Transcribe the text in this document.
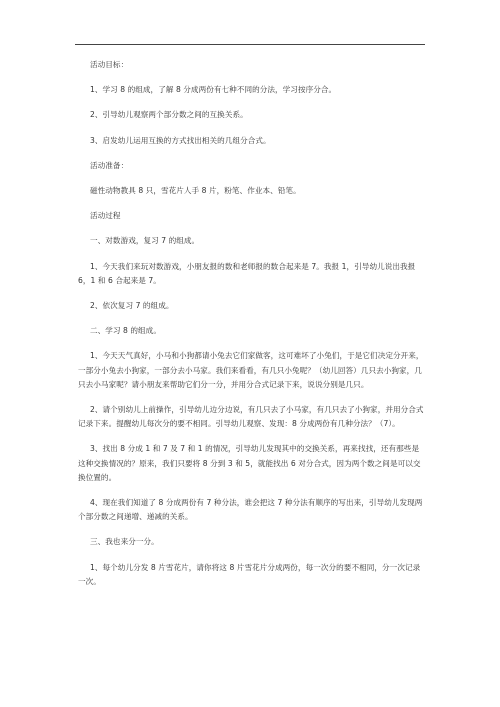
活动目标：

1、学习 8 的组成，了解 8 分成两份有七种不同的分法，学习按序分合。

2、引导幼儿观察两个部分数之间的互换关系。

3、启发幼儿运用互换的方式找出相关的几组分合式。

活动准备：

磁性动物教具 8 只，雪花片人手 8 片，粉笔、作业本、铅笔。

活动过程

一、对数游戏，复习 7 的组成。

1、今天我们来玩对数游戏，小朋友报的数和老师报的数合起来是 7。我报 1，引导幼儿说出我报 6，1 和 6 合起来是 7。

2、依次复习 7 的组成。

二、学习 8 的组成。

1、今天天气真好，小马和小狗都请小兔去它们家做客，这可难坏了小兔们，于是它们决定分开来，一部分小兔去小狗家，一部分去小马家。我们来看看，有几只小兔呢？（幼儿回答）几只去小狗家，几只去小马家呢？请小朋友来帮助它们分一分，并用分合式记录下来，说说分别是几只。

2、请个别幼儿上前操作，引导幼儿边分边说，有几只去了小马家，有几只去了小狗家，并用分合式记录下来。提醒幼儿每次分的要不相同。引导幼儿观察、发现：8 分成两份有几种分法？（7）。

3、找出 8 分成 1 和 7 及 7 和 1 的情况，引导幼儿发现其中的交换关系，再来找找，还有那些是这种交换情况的？原来，我们只要将 8 分到 3 和 5，就能找出 6 对分合式，因为两个数之间是可以交换位置的。

4、现在我们知道了 8 分成两份有 7 种分法，谁会把这 7 种分法有顺序的写出来，引导幼儿发现两个部分数之间递增、递减的关系。

三、我也来分一分。

1、每个幼儿分发 8 片雪花片，请你将这 8 片雪花片分成两份，每一次分的要不相同，分一次记录一次。
